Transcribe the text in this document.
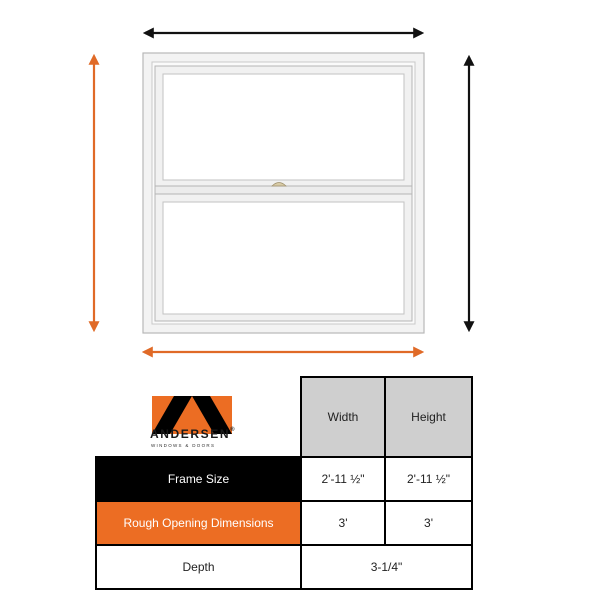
ANDERSEN®
WINDOWS & DOORS
	Width	Height
Frame Size	2'-11 ½"	2'-11 ½"
Rough Opening Dimensions	3'	3'
Depth	3-1/4"	
